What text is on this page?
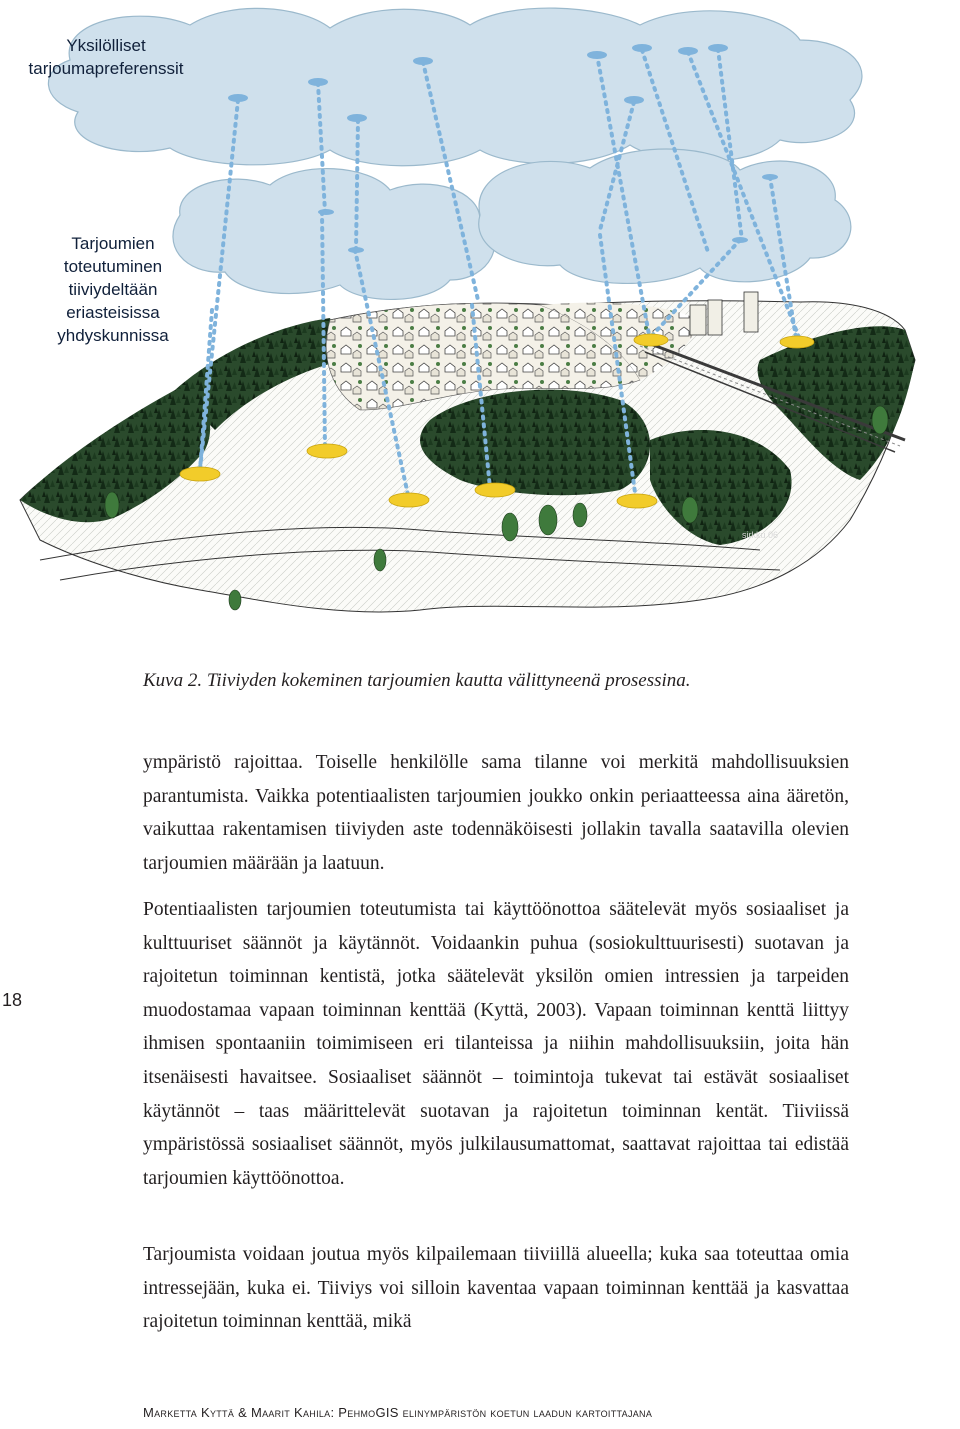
sirkku 06
Yksilölliset tarjoumapreferenssit
Tarjoumien toteutuminen tiiviydeltään eriasteisissa yhdyskunnissa
Kuva 2. Tiiviyden kokeminen tarjoumien kautta välittyneenä prosessina.

ympäristö rajoittaa. Toiselle henkilölle sama tilanne voi merkitä mahdollisuuksien parantumista. Vaikka potentiaalisten tarjoumien joukko onkin periaatteessa aina ääretön, vaikuttaa rakentamisen tiiviyden aste todennäköisesti jollakin tavalla saatavilla olevien tarjoumien määrään ja laatuun.

Potentiaalisten tarjoumien toteutumista tai käyttöönottoa säätelevät myös sosiaaliset ja kulttuuriset säännöt ja käytännöt. Voidaankin puhua (sosiokulttuurisesti) suotavan ja rajoitetun toiminnan kentistä, jotka säätelevät yksilön omien intressien ja tarpeiden muodostamaa vapaan toiminnan kenttää (Kyttä, 2003). Vapaan toiminnan kenttä liittyy ihmisen spontaaniin toimimiseen eri tilanteissa ja niihin mahdollisuuksiin, joita hän itsenäisesti havaitsee. Sosiaaliset säännöt – toimintoja tukevat tai estävät sosiaaliset käytännöt – taas määrittelevät suotavan ja rajoitetun toiminnan kentät. Tiiviissä ympäristössä sosiaaliset säännöt, myös julkilausumattomat, saattavat rajoittaa tai edistää tarjoumien käyttöönottoa.

Tarjoumista voidaan joutua myös kilpailemaan tiiviillä alueella; kuka saa toteuttaa omia intressejään, kuka ei. Tiiviys voi silloin kaventaa vapaan toiminnan kenttää ja kasvattaa rajoitetun toiminnan kenttää, mikä

18
Marketta Kyttä & Maarit Kahila: PehmoGIS elinympäristön koetun laadun kartoittajana
